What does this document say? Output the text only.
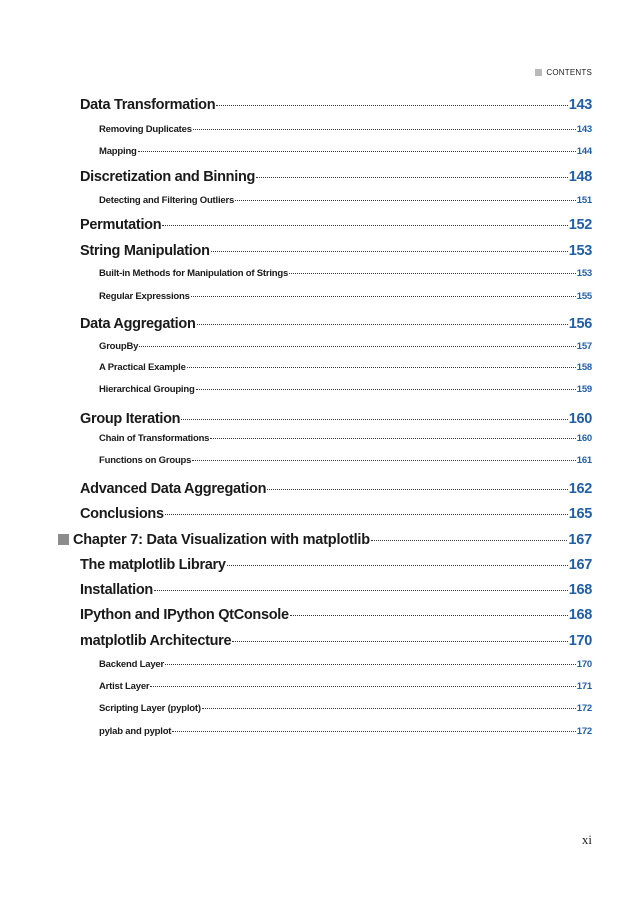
CONTENTS
Data Transformation	143
Removing Duplicates	143
Mapping	144
Discretization and Binning	148
Detecting and Filtering Outliers	151
Permutation	152
String Manipulation	153
Built-in Methods for Manipulation of Strings	153
Regular Expressions	155
Data Aggregation	156
GroupBy	157
A Practical Example	158
Hierarchical Grouping	159
Group Iteration	160
Chain of Transformations	160
Functions on Groups	161
Advanced Data Aggregation	162
Conclusions	165
Chapter 7: Data Visualization with matplotlib	167
The matplotlib Library	167
Installation	168
IPython and IPython QtConsole	168
matplotlib Architecture	170
Backend Layer	170
Artist Layer	171
Scripting Layer (pyplot)	172
pylab and pyplot	172
xi
